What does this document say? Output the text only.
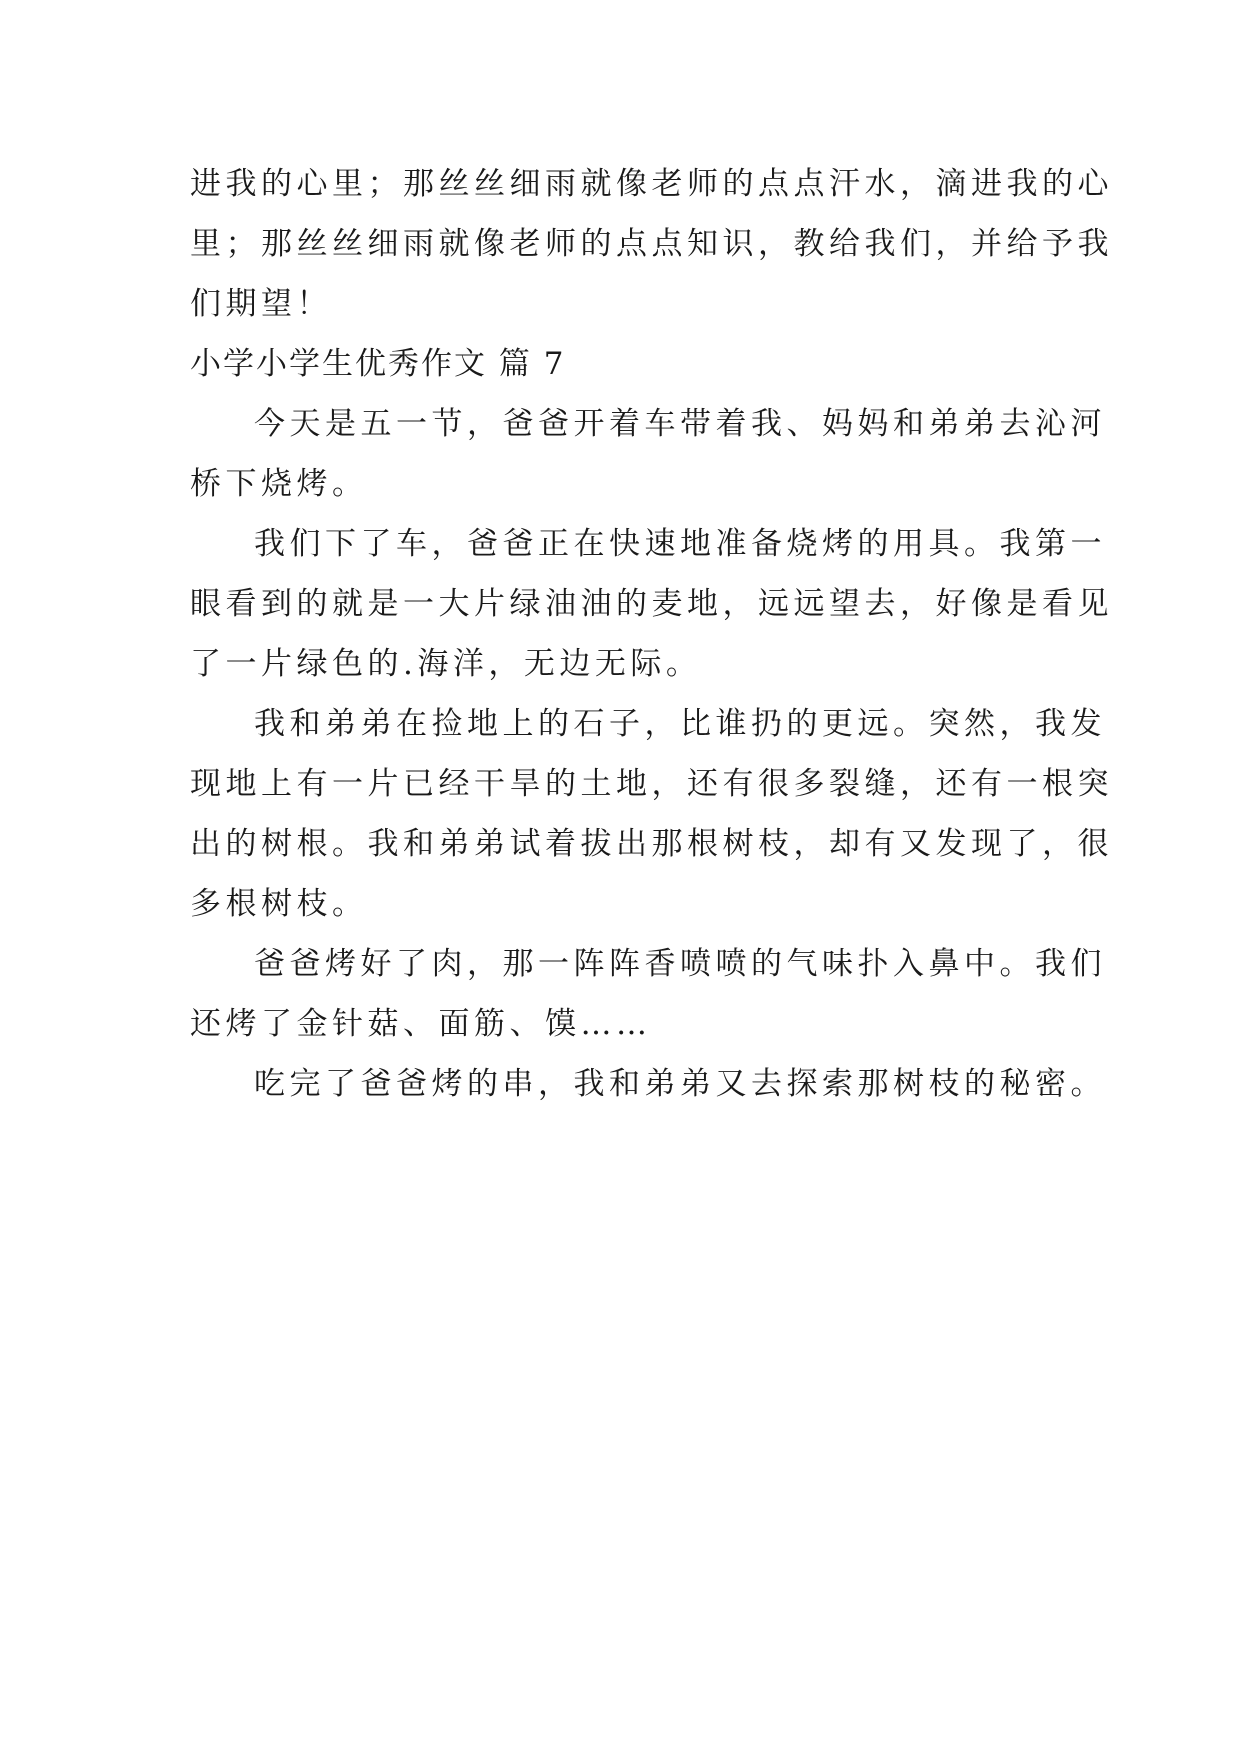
进我的心里；那丝丝细雨就像老师的点点汗水，滴进我的心
里；那丝丝细雨就像老师的点点知识，教给我们，并给予我
们期望！
小学小学生优秀作文 篇 7
今天是五一节，爸爸开着车带着我、妈妈和弟弟去沁河
桥下烧烤。
我们下了车，爸爸正在快速地准备烧烤的用具。我第一
眼看到的就是一大片绿油油的麦地，远远望去，好像是看见
了一片绿色的.海洋，无边无际。
我和弟弟在捡地上的石子，比谁扔的更远。突然，我发
现地上有一片已经干旱的土地，还有很多裂缝，还有一根突
出的树根。我和弟弟试着拔出那根树枝，却有又发现了，很
多根树枝。
爸爸烤好了肉，那一阵阵香喷喷的气味扑入鼻中。我们
还烤了金针菇、面筋、馍……
吃完了爸爸烤的串，我和弟弟又去探索那树枝的秘密。
